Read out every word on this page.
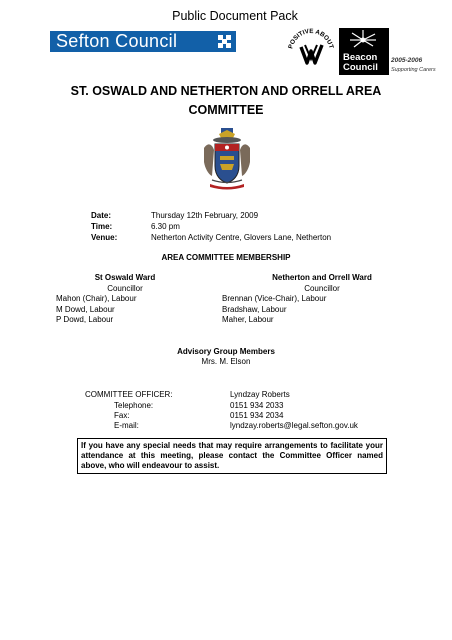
Public Document Pack
Sefton Council	POSITIVE ABOUT
Beacon
Council
2005-2006
Supporting Carers
ST. OSWALD AND NETHERTON AND ORRELL AREA COMMITTEE
Date:	Thursday 12th February, 2009
Time:	6.30 pm
Venue:	Netherton Activity Centre, Glovers Lane, Netherton
AREA COMMITTEE MEMBERSHIP
St Oswald Ward
Councillor
Mahon (Chair), Labour
M Dowd, Labour
P Dowd, Labour
Netherton and Orrell Ward
Councillor
Brennan (Vice-Chair), Labour
Bradshaw, Labour
Maher, Labour
Advisory Group Members
Mrs. M. Elson
COMMITTEE OFFICER:	Lyndzay Roberts
Telephone:	0151 934 2033
Fax:	0151 934 2034
E-mail:	lyndzay.roberts@legal.sefton.gov.uk
If you have any special needs that may require arrangements to facilitate your attendance at this meeting, please contact the Committee Officer named above, who will endeavour to assist.
